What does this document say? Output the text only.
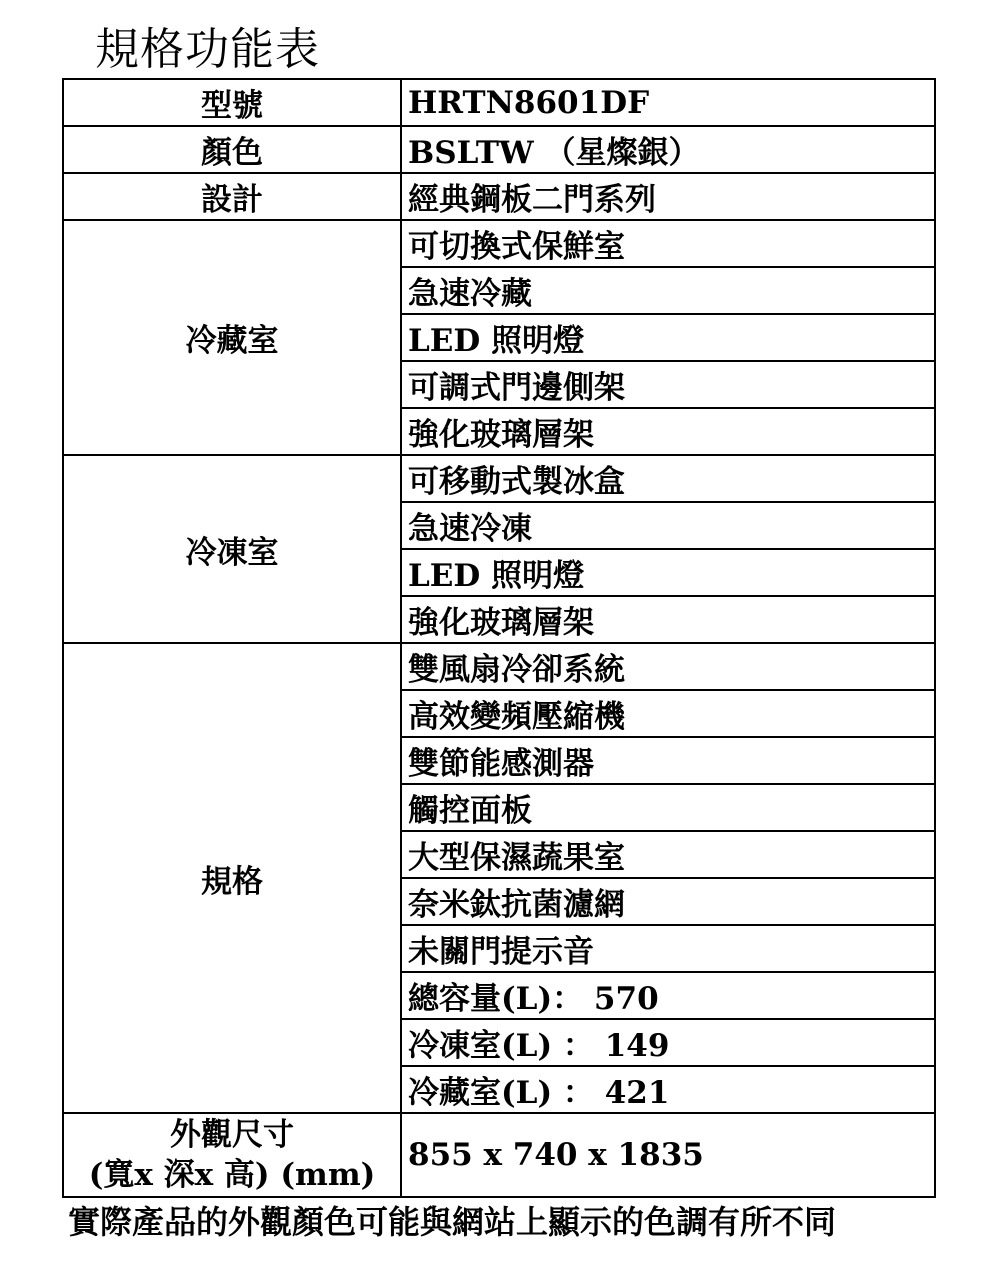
規格功能表
型號	HRTN8601DF
顏色	BSLTW （星燦銀）
設計	經典鋼板二門系列
冷藏室	可切換式保鮮室
	急速冷藏
	LED 照明燈
	可調式門邊側架
	強化玻璃層架
冷凍室	可移動式製冰盒
	急速冷凍
	LED 照明燈
	強化玻璃層架
規格	雙風扇冷卻系統
	高效變頻壓縮機
	雙節能感測器
	觸控面板
	大型保濕蔬果室
	奈米鈦抗菌濾網
	未關門提示音
	總容量(L)： 570
	冷凍室(L) ： 149
	冷藏室(L) ： 421

外觀尺寸
(寬x 深x 高) (mm)	855 x 740 x 1835
實際產品的外觀顏色可能與網站上顯示的色調有所不同
